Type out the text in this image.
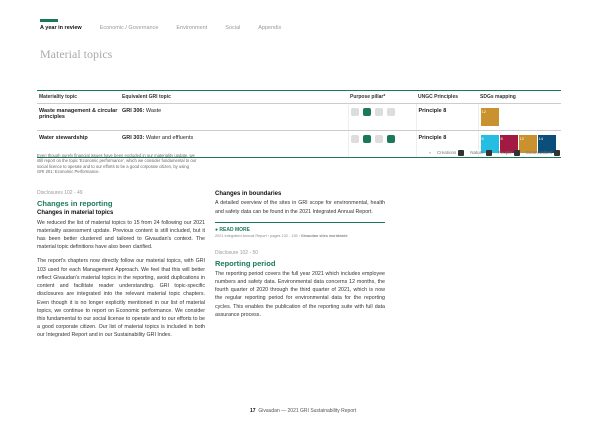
A year in review	Economic / Governance	Environment	Social	Appendix
Material topics
Materiality topic	Equivalent GRI topic	Purpose pillar*	UNGC Principles	SDGs mapping
Waste management & circular principles	GRI 306: Waste		Principle 8	12
Water stewardship	GRI 303: Water and effluents		Principle 8	6 8 12 14
* Creations	Nature	People	Communities
Even though purely financial issues have been excluded in our materiality update, we still report on the topic 'Economic performance', which we consider fundamental to our social licence to operate and to our efforts to be a good corporate citizen, by using GRI 201: Economic Performance.
Disclosures 102 - 49
Changes in reporting
Changes in material topics

We reduced the list of material topics to 15 from 24 following our 2021 materiality assessment update. Previous content is still included, but it has been better clustered and tailored to Givaudan's context. The material topic definitions have also been clarified.

The report's chapters now directly follow our material topics, with GRI 103 used for each Management Approach. We feel that this will better reflect Givaudan's material topics in the reporting, avoid duplications in content and facilitate reader understanding. GRI topic-specific disclosures are integrated into the relevant material topic chapters. Even though it is no longer explicitly mentioned in our list of material topics, we continue to report on Economic performance. We consider this fundamental to our social license to operate and to our efforts to be a good corporate citizen. Our list of material topics is included in both our Integrated Report and in our Sustainability GRI Index.

Changes in boundaries

A detailed overview of the sites in GRI scope for environmental, health and safety data can be found in the 2021 Integrated Annual Report.

● READ MORE
2021 Integrated Annual Report › pages 132 - 139 › Givaudan sites worldwide
Disclosure 102 - 50
Reporting period

The reporting period covers the full year 2021 which includes employee numbers and safety data. Environmental data concerns 12 months, the fourth quarter of 2020 through the third quarter of 2021, which is now the regular reporting period for environmental data for the reporting cycles. This enables the publication of the reporting suite with full data assurance process.

17 Givaudan — 2021 GRI Sustainability Report
